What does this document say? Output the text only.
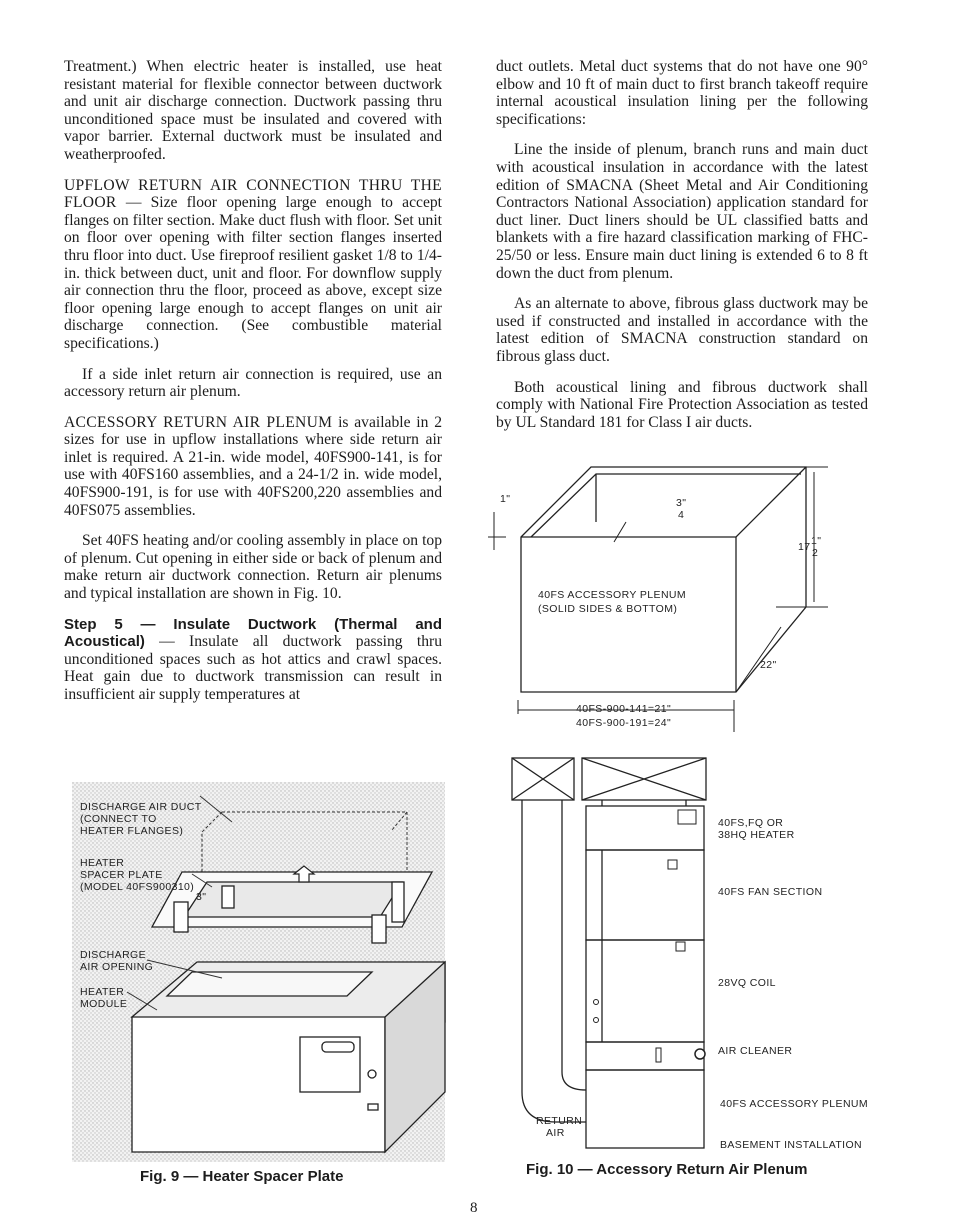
Treatment.) When electric heater is installed, use heat resistant material for flexible connector between ductwork and unit air discharge connection. Ductwork passing thru unconditioned space must be insulated and covered with vapor barrier. External ductwork must be insulated and weatherproofed.

UPFLOW RETURN AIR CONNECTION THRU THE FLOOR — Size floor opening large enough to accept flanges on filter section. Make duct flush with floor. Set unit on floor over opening with filter section flanges inserted thru floor into duct. Use fireproof resilient gasket 1/8 to 1/4-in. thick between duct, unit and floor. For downflow supply air connection thru the floor, proceed as above, except size floor opening large enough to accept flanges on unit air discharge connection. (See combustible material specifications.)

If a side inlet return air connection is required, use an accessory return air plenum.

ACCESSORY RETURN AIR PLENUM is available in 2 sizes for use in upflow installations where side return air inlet is required. A 21-in. wide model, 40FS900-141, is for use with 40FS160 assemblies, and a 24-1/2 in. wide model, 40FS900-191, is for use with 40FS200,220 assemblies and 40FS075 assemblies.

Set 40FS heating and/or cooling assembly in place on top of plenum. Cut opening in either side or back of plenum and make return air ductwork connection. Return air plenums and typical installation are shown in Fig. 10.

Step 5 — Insulate Ductwork (Thermal and Acoustical) — Insulate all ductwork passing thru unconditioned spaces such as hot attics and crawl spaces. Heat gain due to ductwork transmission can result in insufficient air supply temperatures at

duct outlets. Metal duct systems that do not have one 90° elbow and 10 ft of main duct to first branch takeoff require internal acoustical insulation lining per the following specifications:

Line the inside of plenum, branch runs and main duct with acoustical insulation in accordance with the latest edition of SMACNA (Sheet Metal and Air Conditioning Contractors National Association) application standard for duct liner. Duct liners should be UL classified batts and blankets with a fire hazard classification marking of FHC-25/50 or less. Ensure main duct lining is extended 6 to 8 ft down the duct from plenum.

As an alternate to above, fibrous glass ductwork may be used if constructed and installed in accordance with the latest edition of SMACNA construction standard on fibrous glass duct.

Both acoustical lining and fibrous ductwork shall comply with National Fire Protection Association as tested by UL Standard 181 for Class I air ducts.

DISCHARGE AIR DUCT
(CONNECT TO
HEATER FLANGES)
HEATER
SPACER PLATE
(MODEL 40FS900310)
3"
DISCHARGE
AIR OPENING
HEATER
MODULE
Fig. 9 — Heater Spacer Plate
1"	3"
4
40FS ACCESSORY PLENUM
(SOLID SIDES & BOTTOM)
17 1"
2
22"
40FS-900-141=21"
40FS-900-191=24"
40FS,FQ OR
38HQ HEATER
40FS FAN SECTION
28VQ COIL
AIR CLEANER
40FS ACCESSORY PLENUM
BASEMENT INSTALLATION
RETURN
AIR
Fig. 10 — Accessory Return Air Plenum
8
